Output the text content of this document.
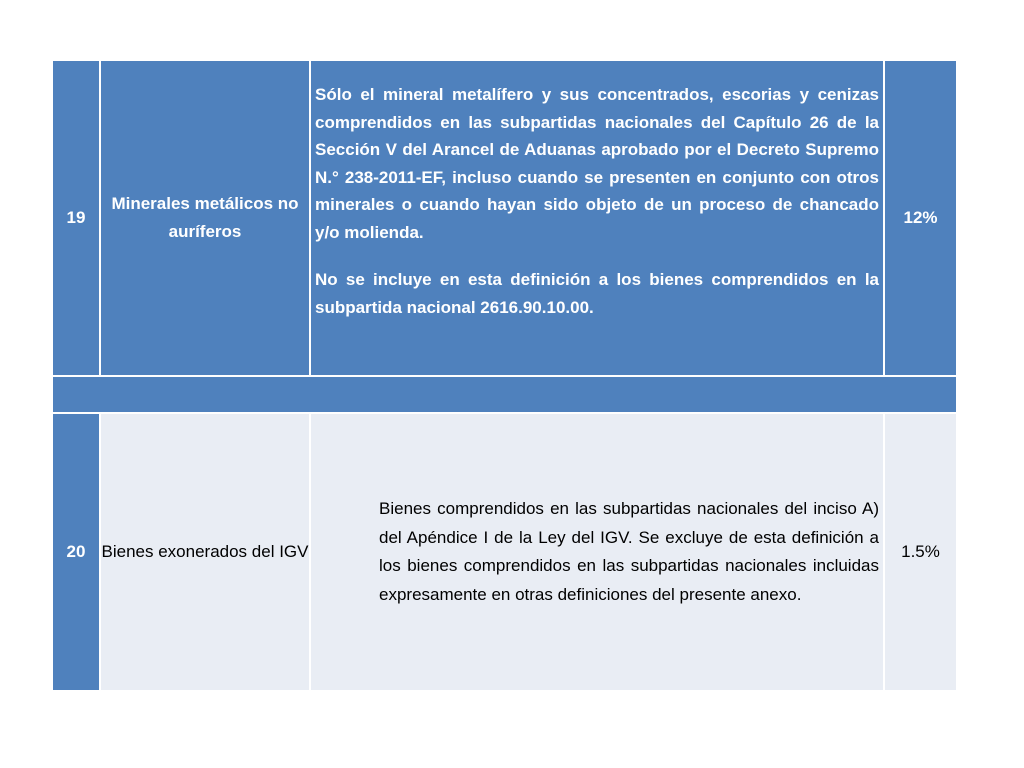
19
Minerales metálicos no auríferos

Sólo el mineral metalífero y sus concentrados, escorias y cenizas comprendidos en las subpartidas nacionales del Capítulo 26 de la Sección V del Arancel de Aduanas aprobado por el Decreto Supremo N.° 238-2011-EF, incluso cuando se presenten en conjunto con otros minerales o cuando hayan sido objeto de un proceso de chancado y/o molienda.

No se incluye en esta definición a los bienes comprendidos en la subpartida nacional 2616.90.10.00.

12%
20 Bienes exonerados del IGV
Bienes comprendidos en las subpartidas nacionales del inciso A) del Apéndice I de la Ley del IGV. Se excluye de esta definición a los bienes comprendidos en las subpartidas nacionales incluidas expresamente en otras definiciones del presente anexo.
1.5%
